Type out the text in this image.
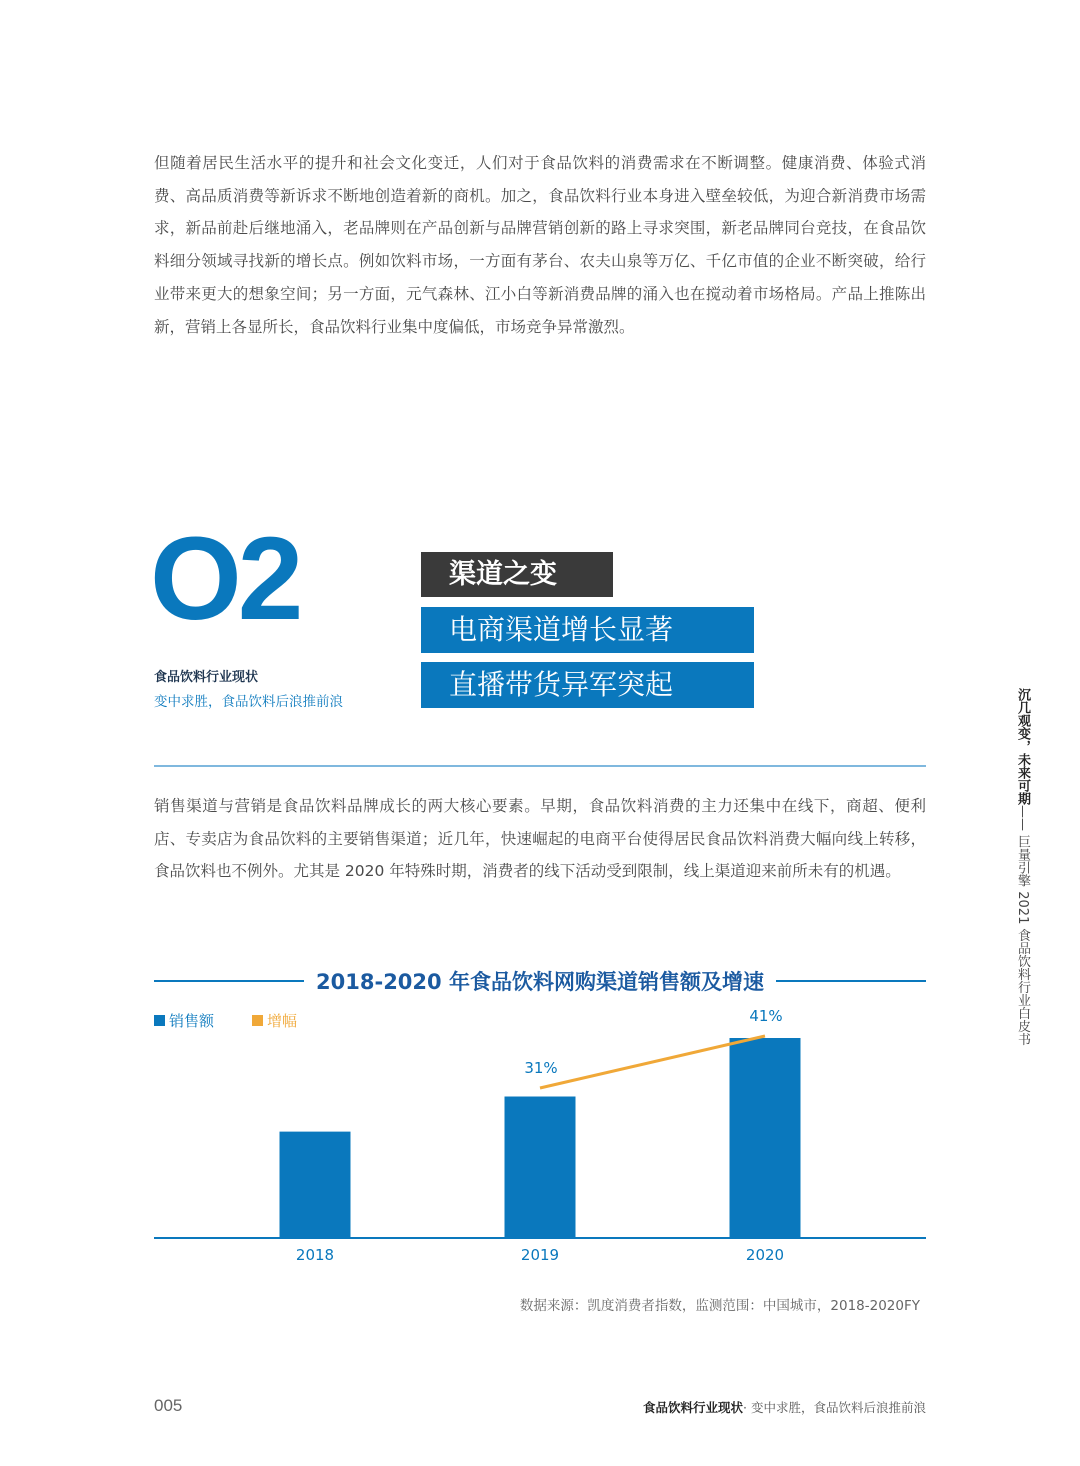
但随着居民生活水平的提升和社会文化变迁，人们对于食品饮料的消费需求在不断调整。健康消费、体验式消费、高品质消费等新诉求不断地创造着新的商机。加之，食品饮料行业本身进入壁垒较低，为迎合新消费市场需求，新品前赴后继地涌入，老品牌则在产品创新与品牌营销创新的路上寻求突围，新老品牌同台竞技，在食品饮料细分领域寻找新的增长点。例如饮料市场，一方面有茅台、农夫山泉等万亿、千亿市值的企业不断突破，给行业带来更大的想象空间；另一方面，元气森林、江小白等新消费品牌的涌入也在搅动着市场格局。产品上推陈出新，营销上各显所长，食品饮料行业集中度偏低，市场竞争异常激烈。

O2
食品饮料行业现状
变中求胜，食品饮料后浪推前浪
渠道之变
电商渠道增长显著
直播带货异军突起

销售渠道与营销是食品饮料品牌成长的两大核心要素。早期，食品饮料消费的主力还集中在线下，商超、便利店、专卖店为食品饮料的主要销售渠道；近几年，快速崛起的电商平台使得居民食品饮料消费大幅向线上转移，食品饮料也不例外。尤其是 2020 年特殊时期，消费者的线下活动受到限制，线上渠道迎来前所未有的机遇。

2018-2020 年食品饮料网购渠道销售额及增速
销售额	增幅
2018	2019	2020
31%
41%
数据来源：凯度消费者指数，监测范围：中国城市，2018-2020FY
005	食品饮料行业现状· 变中求胜，食品饮料后浪推前浪
沉几观变，未来可期—— 巨量引擎 2021 食品饮料行业白皮书
